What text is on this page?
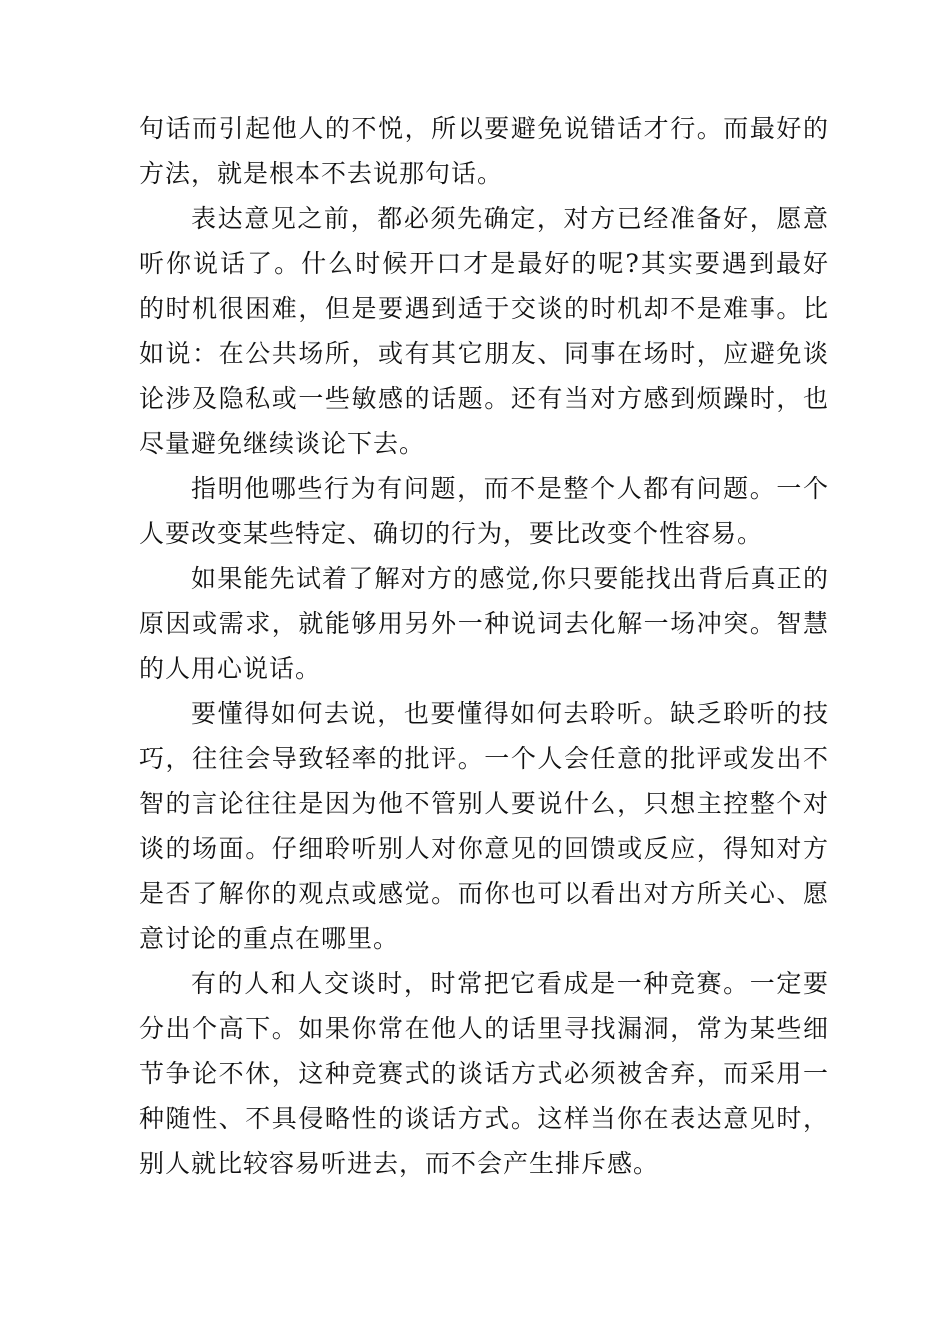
句话而引起他人的不悦，所以要避免说错话才行。而最好的方法，就是根本不去说那句话。

表达意见之前，都必须先确定，对方已经准备好，愿意听你说话了。什么时候开口才是最好的呢?其实要遇到最好的时机很困难，但是要遇到适于交谈的时机却不是难事。比如说：在公共场所，或有其它朋友、同事在场时，应避免谈论涉及隐私或一些敏感的话题。还有当对方感到烦躁时，也尽量避免继续谈论下去。

指明他哪些行为有问题，而不是整个人都有问题。一个人要改变某些特定、确切的行为，要比改变个性容易。

如果能先试着了解对方的感觉,你只要能找出背后真正的原因或需求，就能够用另外一种说词去化解一场冲突。智慧的人用心说话。

要懂得如何去说，也要懂得如何去聆听。缺乏聆听的技巧，往往会导致轻率的批评。一个人会任意的批评或发出不智的言论往往是因为他不管别人要说什么，只想主控整个对谈的场面。仔细聆听别人对你意见的回馈或反应，得知对方是否了解你的观点或感觉。而你也可以看出对方所关心、愿意讨论的重点在哪里。

有的人和人交谈时，时常把它看成是一种竞赛。一定要分出个高下。如果你常在他人的话里寻找漏洞，常为某些细节争论不休，这种竞赛式的谈话方式必须被舍弃，而采用一种随性、不具侵略性的谈话方式。这样当你在表达意见时，别人就比较容易听进去，而不会产生排斥感。
